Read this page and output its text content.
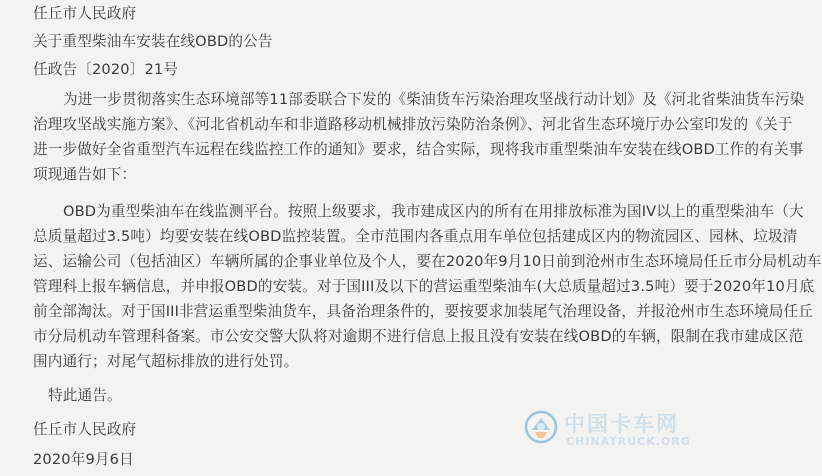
任丘市人民政府
关于重型柴油车安装在线OBD的公告
任政告〔2020〕21号
为进一步贯彻落实生态环境部等11部委联合下发的《柴油货车污染治理攻坚战行动计划》及《河北省柴油货车污染
治理攻坚战实施方案》、《河北省机动车和非道路移动机械排放污染防治条例》、河北省生态环境厅办公室印发的《关于
进一步做好全省重型汽车远程在线监控工作的通知》要求，结合实际，现将我市重型柴油车安装在线OBD工作的有关事
项现通告如下：
OBD为重型柴油车在线监测平台。按照上级要求，我市建成区内的所有在用排放标准为国IV以上的重型柴油车（大
总质量超过3.5吨）均要安装在线OBD监控装置。全市范围内各重点用车单位包括建成区内的物流园区、园林、垃圾清
运、运输公司（包括油区）车辆所属的企事业单位及个人，要在2020年9月10日前到沧州市生态环境局任丘市分局机动车
管理科上报车辆信息，并申报OBD的安装。对于国III及以下的营运重型柴油车(大总质量超过3.5吨）要于2020年10月底
前全部淘汰。对于国III非营运重型柴油货车，具备治理条件的，要按要求加装尾气治理设备，并报沧州市生态环境局任丘
市分局机动车管理科备案。市公安交警大队将对逾期不进行信息上报且没有安装在线OBD的车辆，限制在我市建成区范
围内通行；对尾气超标排放的进行处罚。
特此通告。
任丘市人民政府
2020年9月6日
中国卡车网
CHINATRUCK.ORG
